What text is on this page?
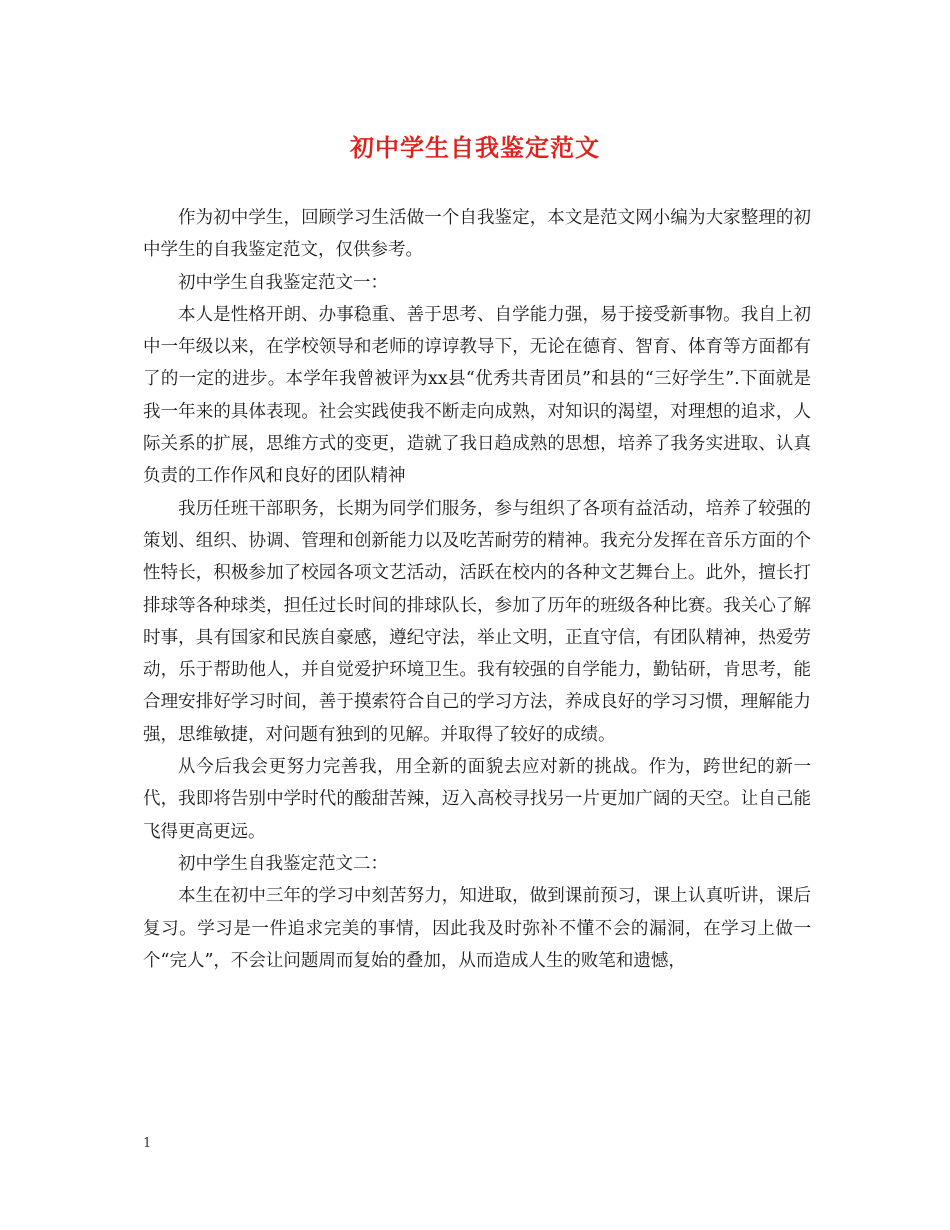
初中学生自我鉴定范文

作为初中学生，回顾学习生活做一个自我鉴定，本文是范文网小编为大家整理的初中学生的自我鉴定范文，仅供参考。

初中学生自我鉴定范文一：

本人是性格开朗、办事稳重、善于思考、自学能力强，易于接受新事物。我自上初中一年级以来，在学校领导和老师的谆谆教导下，无论在德育、智育、体育等方面都有了的一定的进步。本学年我曾被评为xx县“优秀共青团员”和县的“三好学生”.下面就是我一年来的具体表现。社会实践使我不断走向成熟，对知识的渴望，对理想的追求，人际关系的扩展，思维方式的变更，造就了我日趋成熟的思想，培养了我务实进取、认真负责的工作作风和良好的团队精神

我历任班干部职务，长期为同学们服务，参与组织了各项有益活动，培养了较强的策划、组织、协调、管理和创新能力以及吃苦耐劳的精神。我充分发挥在音乐方面的个性特长，积极参加了校园各项文艺活动，活跃在校内的各种文艺舞台上。此外，擅长打排球等各种球类，担任过长时间的排球队长，参加了历年的班级各种比赛。我关心了解时事，具有国家和民族自豪感，遵纪守法，举止文明，正直守信，有团队精神，热爱劳动，乐于帮助他人，并自觉爱护环境卫生。我有较强的自学能力，勤钻研，肯思考，能合理安排好学习时间，善于摸索符合自己的学习方法，养成良好的学习习惯，理解能力强，思维敏捷，对问题有独到的见解。并取得了较好的成绩。

从今后我会更努力完善我，用全新的面貌去应对新的挑战。作为，跨世纪的新一代，我即将告别中学时代的酸甜苦辣，迈入高校寻找另一片更加广阔的天空。让自己能飞得更高更远。

初中学生自我鉴定范文二：

本生在初中三年的学习中刻苦努力，知进取，做到课前预习，课上认真听讲，课后复习。学习是一件追求完美的事情，因此我及时弥补不懂不会的漏洞，在学习上做一个“完人”，不会让问题周而复始的叠加，从而造成人生的败笔和遗憾，

1
